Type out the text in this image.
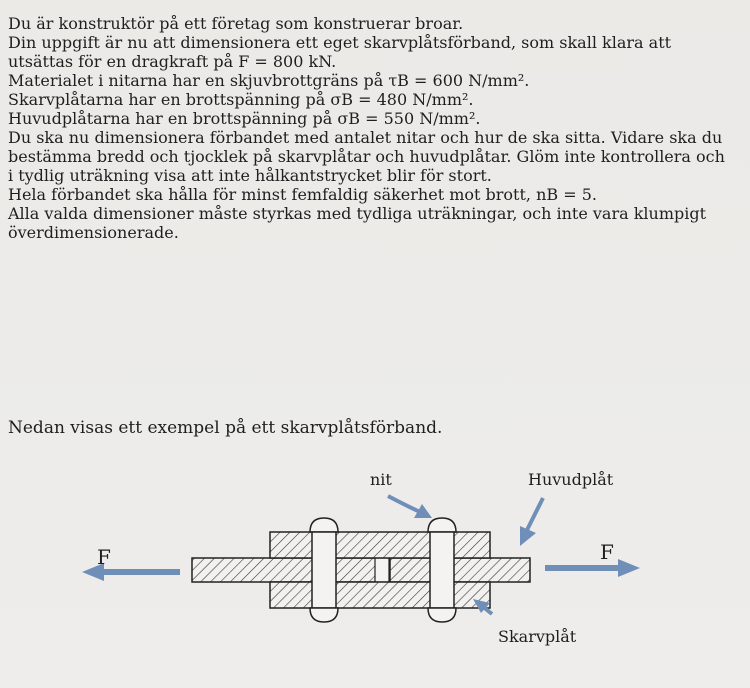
Du är konstruktör på ett företag som konstruerar broar.
Din uppgift är nu att dimensionera ett eget skarvplåtsförband, som skall klara att
utsättas för en dragkraft på F = 800 kN.
Materialet i nitarna har en skjuvbrottgräns på τB = 600 N/mm².
Skarvplåtarna har en brottspänning på σB = 480 N/mm².
Huvudplåtarna har en brottspänning på σB = 550 N/mm².
Du ska nu dimensionera förbandet med antalet nitar och hur de ska sitta. Vidare ska du
bestämma bredd och tjocklek på skarvplåtar och huvudplåtar. Glöm inte kontrollera och
i tydlig uträkning visa att inte hålkantstrycket blir för stort.
Hela förbandet ska hålla för minst femfaldig säkerhet mot brott, nB = 5.
Alla valda dimensioner måste styrkas med tydliga uträkningar, och inte vara klumpigt
överdimensionerade.
Nedan visas ett exempel på ett skarvplåtsförband.
nit	Huvudplåt
Skarvplåt
F	F
